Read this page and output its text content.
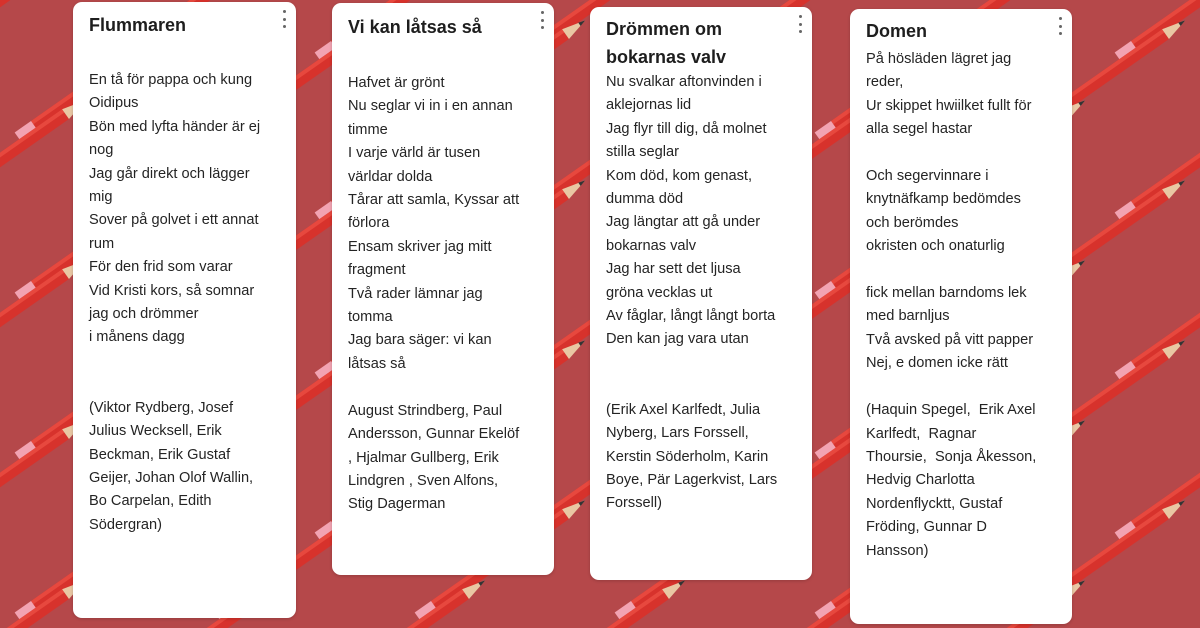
Flummaren

En tå för pappa och kung
Oidipus
Bön med lyfta händer är ej
nog
Jag går direkt och lägger
mig
Sover på golvet i ett annat
rum
För den frid som varar
Vid Kristi kors, så somnar
jag och drömmer
i månens dagg

(Viktor Rydberg, Josef
Julius Wecksell, Erik
Beckman, Erik Gustaf
Geijer, Johan Olof Wallin,
Bo Carpelan, Edith
Södergran)

Vi kan låtsas så

Hafvet är grönt
Nu seglar vi in i en annan
timme
I varje värld är tusen
världar dolda
Tårar att samla, Kyssar att
förlora
Ensam skriver jag mitt
fragment
Två rader lämnar jag
tomma
Jag bara säger: vi kan
låtsas så

August Strindberg, Paul
Andersson, Gunnar Ekelöf
, Hjalmar Gullberg, Erik
Lindgren , Sven Alfons,
Stig Dagerman

Drömmen om
bokarnas valv

Nu svalkar aftonvinden i
aklejornas lid
Jag flyr till dig, då molnet
stilla seglar
Kom död, kom genast,
dumma död
Jag längtar att gå under
bokarnas valv
Jag har sett det ljusa
gröna vecklas ut
Av fåglar, långt långt borta
Den kan jag vara utan

(Erik Axel Karlfedt, Julia
Nyberg, Lars Forssell,
Kerstin Söderholm, Karin
Boye, Pär Lagerkvist, Lars
Forssell)

Domen

På hösläden lägret jag
reder,
Ur skippet hwiilket fullt för
alla segel hastar

Och segervinnare i
knytnäfkamp bedömdes
och berömdes
okristen och onaturlig

fick mellan barndoms lek
med barnljus
Två avsked på vitt papper
Nej, e domen icke rätt

(Haquin Spegel,  Erik Axel
Karlfedt,  Ragnar
Thoursie,  Sonja Åkesson,
Hedvig Charlotta
Nordenflycktt, Gustaf
Fröding, Gunnar D
Hansson)
